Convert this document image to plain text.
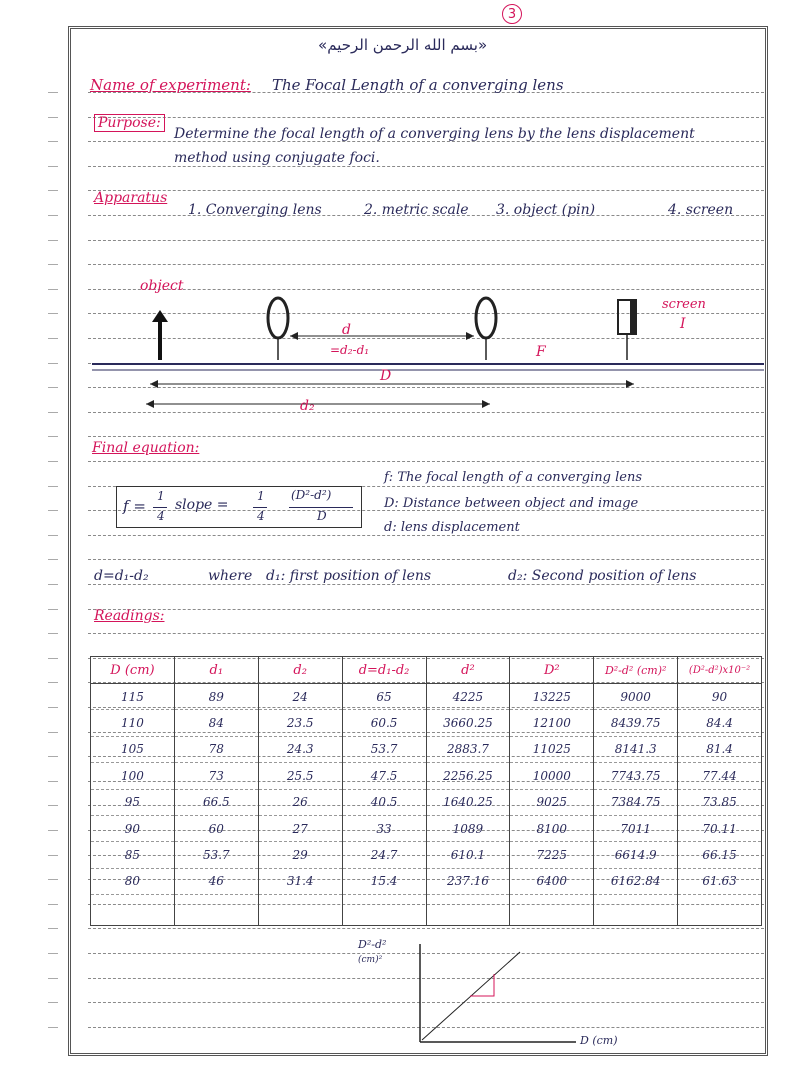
3
«بسم الله الرحمن الرحيم»
Name of experiment: The Focal Length of a converging lens
Purpose:
Determine the focal length of a converging lens by the lens displacement
method using conjugate foci.
Apparatus
1. Converging lens	2. metric scale 3. object (pin)	4. screen
object
d
=d₂-d₁
screen
I
F
D
d₂
Final equation:
f =
1
4
slope =
1
4
(D²-d²)
D
f: The focal length of a converging lens
D: Distance between object and image
d: lens displacement
d=d₁-d₂	where d₁: first position of lens	d₂: Second position of lens
Readings:
D (cm)	d₁	d₂	d=d₁-d₂	d²	D²	D²-d² (cm)²	(D²-d²)x10⁻²
115	89	24	65	4225	13225	9000	90
110	84	23.5	60.5	3660.25	12100	8439.75	84.4
105	78	24.3	53.7	2883.7	11025	8141.3	81.4
100	73	25.5	47.5	2256.25	10000	7743.75	77.44
95	66.5	26	40.5	1640.25	9025	7384.75	73.85
90	60	27	33	1089	8100	7011	70.11
85	53.7	29	24.7	610.1	7225	6614.9	66.15
80	46	31.4	15.4	237.16	6400	6162.84	61.63

D²-d²
(cm)²
D (cm)
